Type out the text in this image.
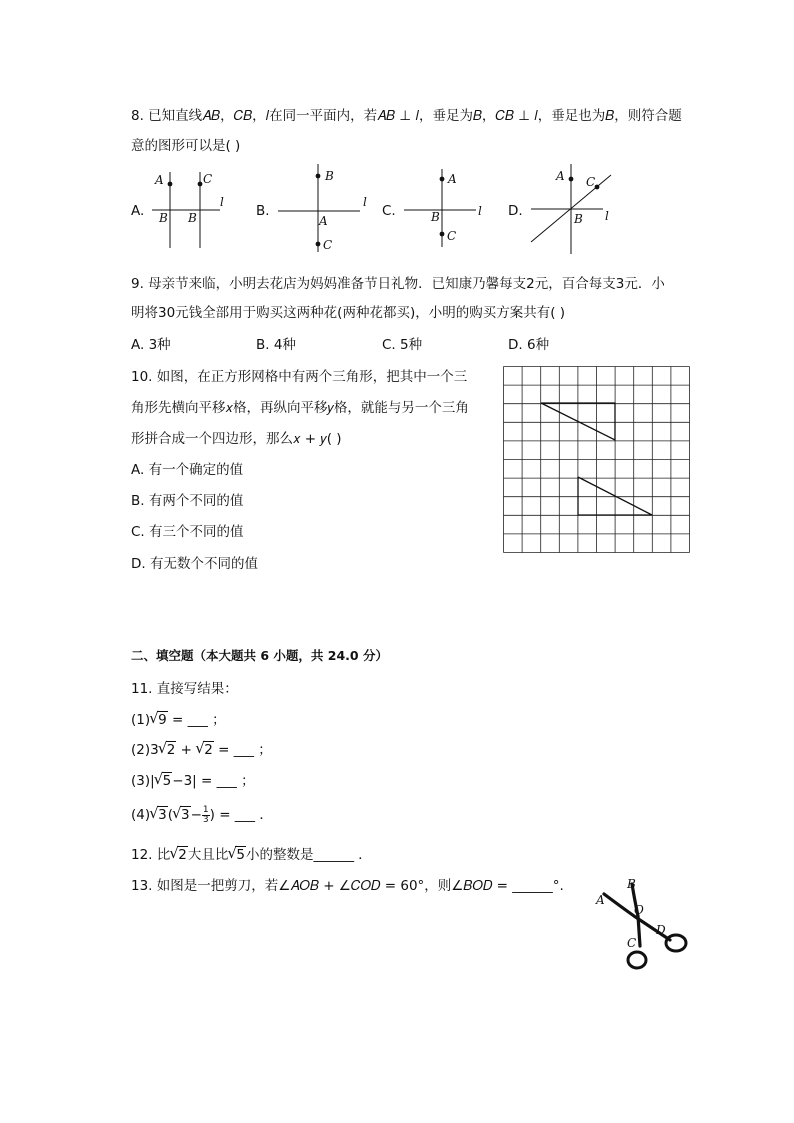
8. 已知直线𝐴𝐵，𝐶𝐵，𝑙在同一平面内，若𝐴𝐵 ⊥ 𝑙，垂足为𝐵，𝐶𝐵 ⊥ 𝑙，垂足也为𝐵，则符合题
意的图形可以是( )
A.
A	C
l
B B	B.
B
l
A
C
C.
A
B	l
C
D.
A C
B l
9. 母亲节来临，小明去花店为妈妈准备节日礼物．已知康乃馨每支2元，百合每支3元．小
明将30元钱全部用于购买这两种花(两种花都买)，小明的购买方案共有( )
A. 3种	B. 4种	C. 5种	D. 6种
10. 如图，在正方形网格中有两个三角形，把其中一个三
角形先横向平移𝑥格，再纵向平移𝑦格，就能与另一个三角
形拼合成一个四边形，那么𝑥 + 𝑦( )
A. 有一个确定的值
B. 有两个不同的值
C. 有三个不同的值
D. 有无数个不同的值
二、填空题（本大题共 6 小题，共 24.0 分）
11. 直接写结果：
(1) √ 9 = ___ ；
(2)3 √ 2 + √ 2 = ___ ；
(3)| √ 5−3| = ___ ；
(4) √ 3( √ $3- \frac{1}{3}$ ) = ___ ．
12. 比 √ 2大且比 √ 5小的整数是______ ．
13. 如图是一把剪刀，若∠𝐴𝑂𝐵 + ∠𝐶𝑂𝐷 = 60°，则∠𝐵𝑂𝐷 = ______°.
A
B
O
C
D
